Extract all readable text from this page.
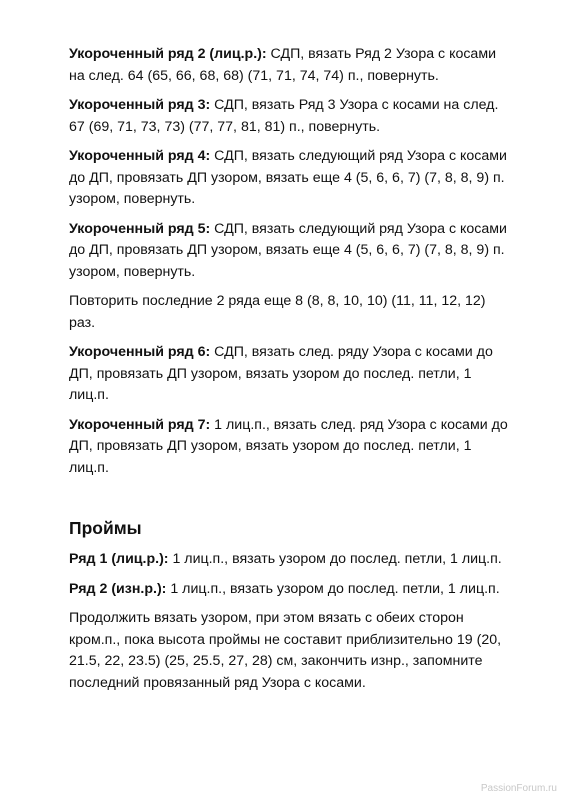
Укороченный ряд 2 (лиц.р.): СДП, вязать Ряд 2 Узора с косами на след. 64 (65, 66, 68, 68) (71, 71, 74, 74) п., повернуть.

Укороченный ряд 3: СДП, вязать Ряд 3 Узора с косами на след. 67 (69, 71, 73, 73) (77, 77, 81, 81) п., повернуть.

Укороченный ряд 4: СДП, вязать следующий ряд Узора с косами до ДП, провязать ДП узором, вязать еще 4 (5, 6, 6, 7) (7, 8, 8, 9) п. узором, повернуть.

Укороченный ряд 5: СДП, вязать следующий ряд Узора с косами до ДП, провязать ДП узором, вязать еще 4 (5, 6, 6, 7) (7, 8, 8, 9) п. узором, повернуть.

Повторить последние 2 ряда еще 8 (8, 8, 10, 10) (11, 11, 12, 12) раз.

Укороченный ряд 6: СДП, вязать след. ряду Узора с косами до ДП, провязать ДП узором, вязать узором до послед. петли, 1 лиц.п.

Укороченный ряд 7: 1 лиц.п., вязать след. ряд Узора с косами до ДП, провязать ДП узором, вязать узором до послед. петли, 1 лиц.п.

Проймы

Ряд 1 (лиц.р.): 1 лиц.п., вязать узором до послед. петли, 1 лиц.п.

Ряд 2 (изн.р.): 1 лиц.п., вязать узором до послед. петли, 1 лиц.п.

Продолжить вязать узором, при этом вязать с обеих сторон кром.п., пока высота проймы не составит приблизительно 19 (20, 21.5, 22, 23.5) (25, 25.5, 27, 28) см, закончить изнр., запомните последний провязанный ряд Узора с косами.

PassionForum.ru
